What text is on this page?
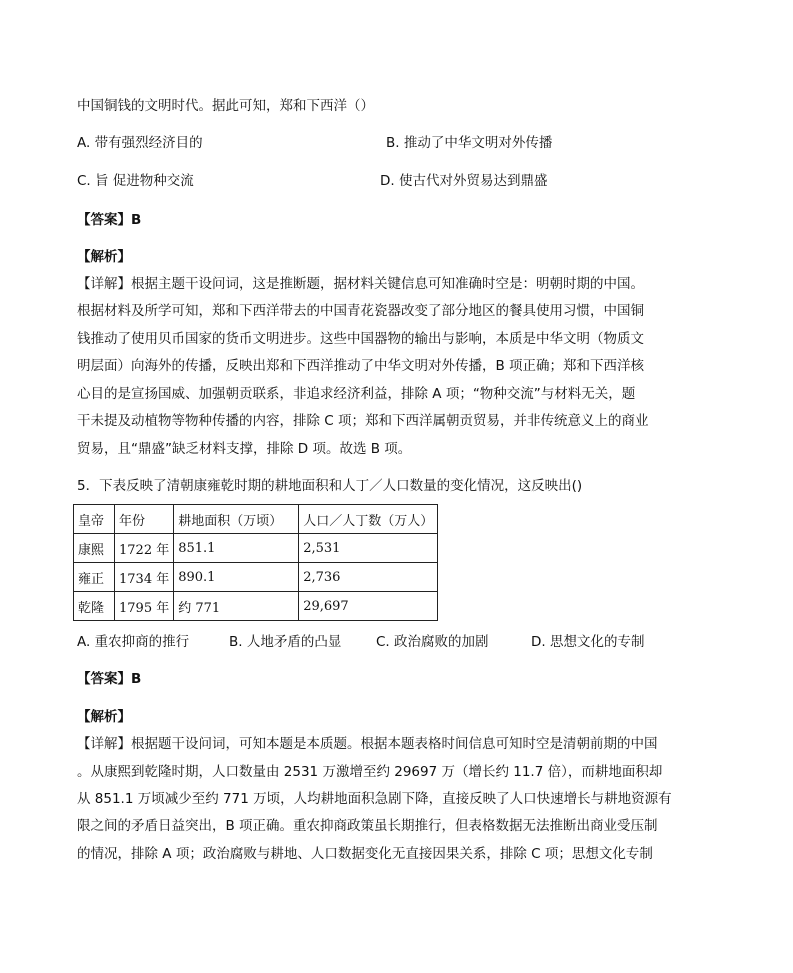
中国铜钱的文明时代。据此可知，郑和下西洋（）
A. 带有强烈经济目的	B. 推动了中华文明对外传播
C. 旨 促进物种交流	D. 使古代对外贸易达到鼎盛
【答案】B
【解析】
【详解】根据主题干设问词，这是推断题，据材料关键信息可知准确时空是：明朝时期的中国。
根据材料及所学可知，郑和下西洋带去的中国青花瓷器改变了部分地区的餐具使用习惯，中国铜
钱推动了使用贝币国家的货币文明进步。这些中国器物的输出与影响，本质是中华文明（物质文
明层面）向海外的传播，反映出郑和下西洋推动了中华文明对外传播，B 项正确；郑和下西洋核
心目的是宣扬国威、加强朝贡联系，非追求经济利益，排除 A 项；“物种交流”与材料无关，题
干未提及动植物等物种传播的内容，排除 C 项；郑和下西洋属朝贡贸易，并非传统意义上的商业
贸易，且“鼎盛”缺乏材料支撑，排除 D 项。故选 B 项。
5．下表反映了清朝康雍乾时期的耕地面积和人丁／人口数量的变化情况，这反映出()
皇帝	年份	耕地面积（万顷）	人口／人丁数（万人）
康熙	1722 年	851.1	2,531
雍正	1734 年	890.1	2,736
乾隆	1795 年	约 771	29,697
A. 重农抑商的推行	B. 人地矛盾的凸显	C. 政治腐败的加剧	D. 思想文化的专制
【答案】B
【解析】
【详解】根据题干设问词，可知本题是本质题。根据本题表格时间信息可知时空是清朝前期的中国
。从康熙到乾隆时期，人口数量由 2531 万激增至约 29697 万（增长约 11.7 倍），而耕地面积却
从 851.1 万顷减少至约 771 万顷，人均耕地面积急剧下降，直接反映了人口快速增长与耕地资源有
限之间的矛盾日益突出，B 项正确。重农抑商政策虽长期推行，但表格数据无法推断出商业受压制
的情况，排除 A 项；政治腐败与耕地、人口数据变化无直接因果关系，排除 C 项；思想文化专制
